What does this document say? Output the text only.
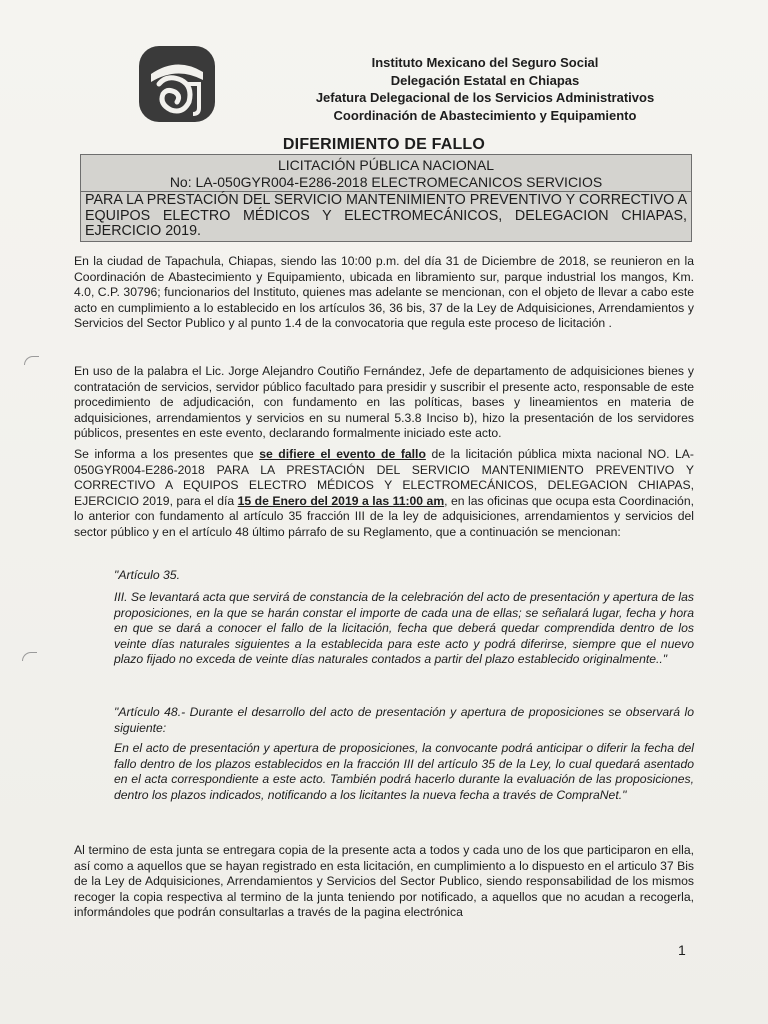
Instituto Mexicano del Seguro Social
Delegación Estatal en Chiapas
Jefatura Delegacional de los Servicios Administrativos
Coordinación de Abastecimiento y Equipamiento
DIFERIMIENTO DE FALLO
LICITACIÓN PÚBLICA NACIONAL
No: LA-050GYR004-E286-2018 ELECTROMECANICOS SERVICIOS
PARA LA PRESTACIÓN DEL SERVICIO MANTENIMIENTO PREVENTIVO Y CORRECTIVO A EQUIPOS ELECTRO MÉDICOS Y ELECTROMECÁNICOS, DELEGACION CHIAPAS, EJERCICIO 2019.
En la ciudad de Tapachula, Chiapas, siendo las 10:00 p.m. del día 31 de Diciembre de 2018, se reunieron en la Coordinación de Abastecimiento y Equipamiento, ubicada en libramiento sur, parque industrial los mangos, Km. 4.0, C.P. 30796; funcionarios del Instituto, quienes mas adelante se mencionan, con el objeto de llevar a cabo este acto en cumplimiento a lo establecido en los artículos 36, 36 bis, 37 de la Ley de Adquisiciones, Arrendamientos y Servicios del Sector Publico y al punto 1.4 de la convocatoria que regula este proceso de licitación .
En uso de la palabra el Lic. Jorge Alejandro Coutiño Fernández, Jefe de departamento de adquisiciones bienes y contratación de servicios, servidor público facultado para presidir y suscribir el presente acto, responsable de este procedimiento de adjudicación, con fundamento en las políticas, bases y lineamientos en materia de adquisiciones, arrendamientos y servicios en su numeral 5.3.8 Inciso b), hizo la presentación de los servidores públicos, presentes en este evento, declarando formalmente iniciado este acto.
Se informa a los presentes que se difiere el evento de fallo de la licitación pública mixta nacional NO. LA-050GYR004-E286-2018 PARA LA PRESTACIÓN DEL SERVICIO MANTENIMIENTO PREVENTIVO Y CORRECTIVO A EQUIPOS ELECTRO MÉDICOS Y ELECTROMECÁNICOS, DELEGACION CHIAPAS, EJERCICIO 2019, para el día 15 de Enero del 2019 a las 11:00 am, en las oficinas que ocupa esta Coordinación, lo anterior con fundamento al artículo 35 fracción III de la ley de adquisiciones, arrendamientos y servicios del sector público y en el artículo 48 último párrafo de su Reglamento, que a continuación se mencionan:
"Artículo 35.
III. Se levantará acta que servirá de constancia de la celebración del acto de presentación y apertura de las proposiciones, en la que se harán constar el importe de cada una de ellas; se señalará lugar, fecha y hora en que se dará a conocer el fallo de la licitación, fecha que deberá quedar comprendida dentro de los veinte días naturales siguientes a la establecida para este acto y podrá diferirse, siempre que el nuevo plazo fijado no exceda de veinte días naturales contados a partir del plazo establecido originalmente.."
"Artículo 48.- Durante el desarrollo del acto de presentación y apertura de proposiciones se observará lo siguiente:
En el acto de presentación y apertura de proposiciones, la convocante podrá anticipar o diferir la fecha del fallo dentro de los plazos establecidos en la fracción III del artículo 35 de la Ley, lo cual quedará asentado en el acta correspondiente a este acto. También podrá hacerlo durante la evaluación de las proposiciones, dentro los plazos indicados, notificando a los licitantes la nueva fecha a través de CompraNet."
Al termino de esta junta se entregara copia de la presente acta a todos y cada uno de los que participaron en ella, así como a aquellos que se hayan registrado en esta licitación, en cumplimiento a lo dispuesto en el articulo 37 Bis de la Ley de Adquisiciones, Arrendamientos y Servicios del Sector Publico, siendo responsabilidad de los mismos recoger la copia respectiva al termino de la junta teniendo por notificado, a aquellos que no acudan a recogerla, informándoles que podrán consultarlas a través de la pagina electrónica
1
